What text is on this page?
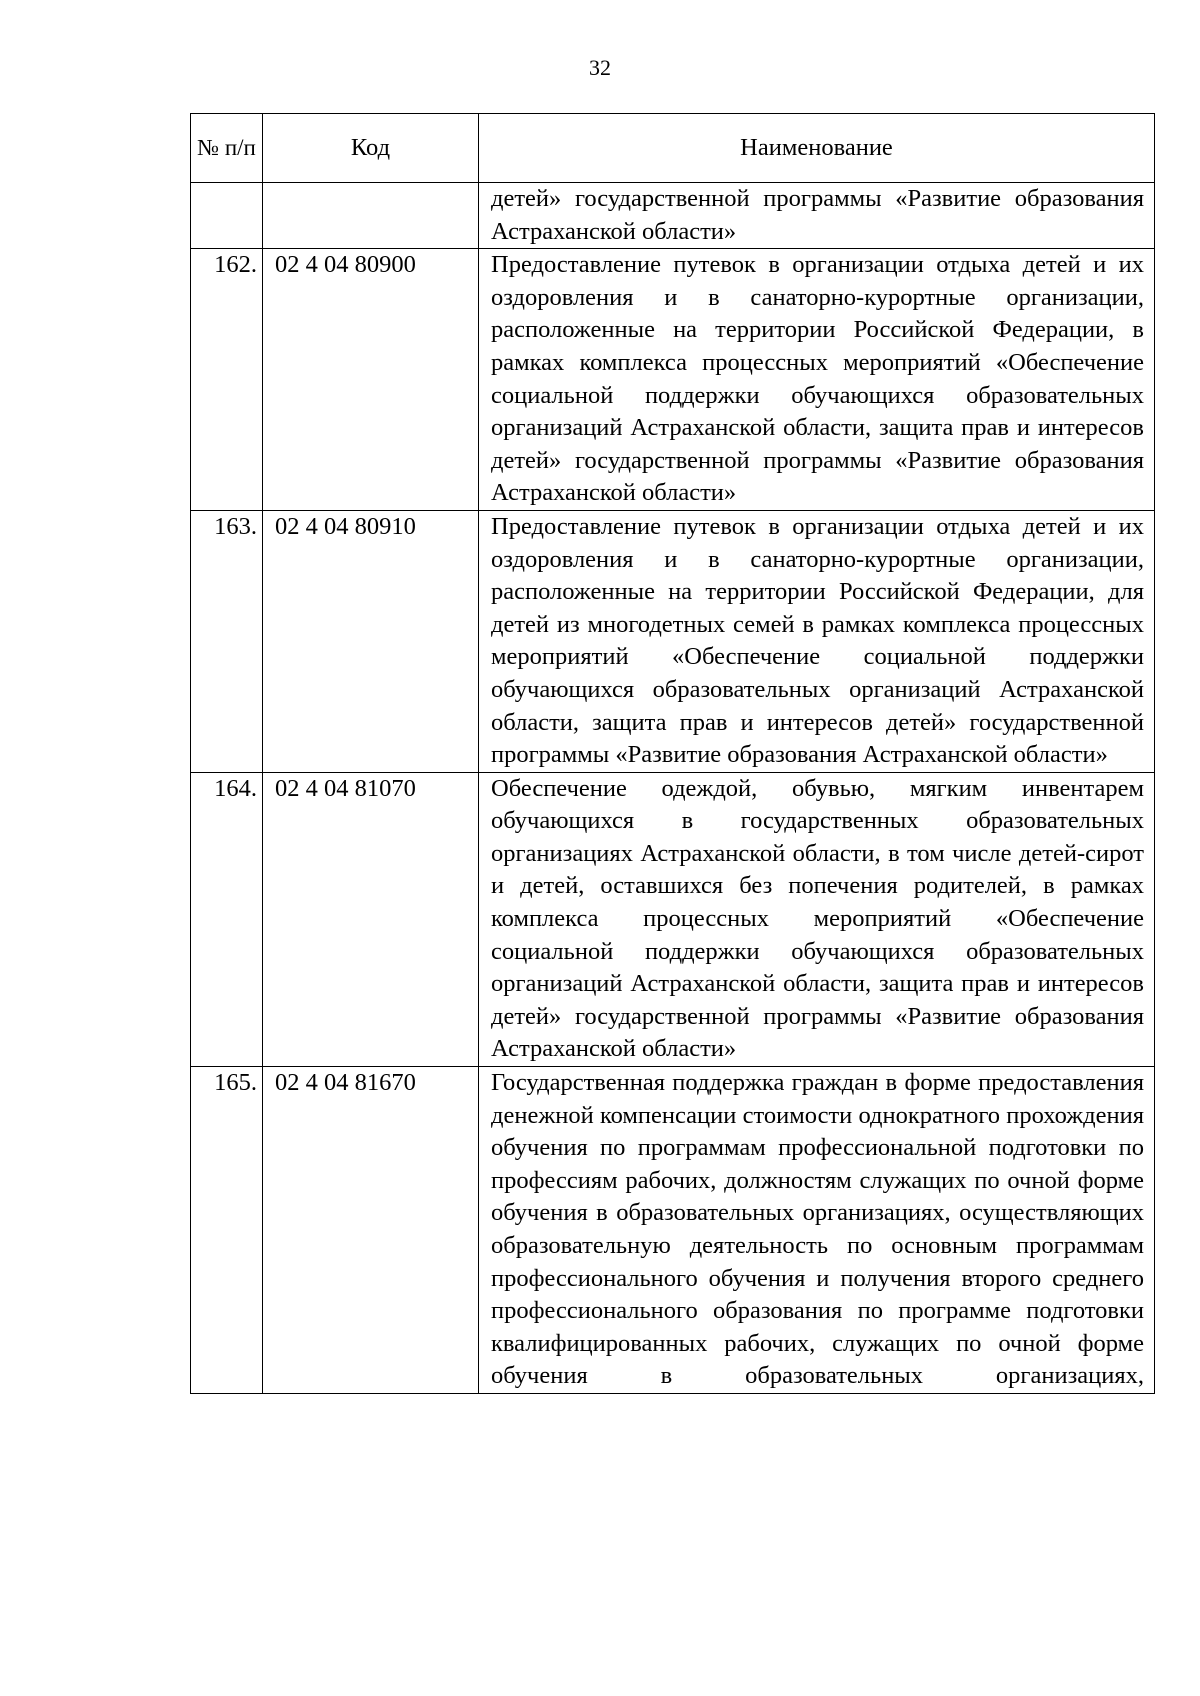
32
№ п/п	Код	Наименование
		детей» государственной программы «Развитие образования Астраханской области»
162.	02 4 04 80900	Предоставление путевок в организации отдыха детей и их оздоровления и в санаторно-курортные организации, расположенные на территории Российской Федерации, в рамках комплекса процессных мероприятий «Обеспечение социальной поддержки обучающихся образовательных организаций Астраханской области, защита прав и интересов детей» государственной программы «Развитие образования Астраханской области»
163.	02 4 04 80910	Предоставление путевок в организации отдыха детей и их оздоровления и в санаторно-курортные организации, расположенные на территории Российской Федерации, для детей из многодетных семей в рамках комплекса процессных мероприятий «Обеспечение социальной поддержки обучающихся образовательных организаций Астраханской области, защита прав и интересов детей» государственной программы «Развитие образования Астраханской области»
164.	02 4 04 81070	Обеспечение одеждой, обувью, мягким инвентарем обучающихся в государственных образовательных организациях Астраханской области, в том числе детей-сирот и детей, оставшихся без попечения родителей, в рамках комплекса процессных мероприятий «Обеспечение социальной поддержки обучающихся образовательных организаций Астраханской области, защита прав и интересов детей» государственной программы «Развитие образования Астраханской области»
165.	02 4 04 81670	Государственная поддержка граждан в форме предоставления денежной компенсации стоимости однократного прохождения обучения по программам профессиональной подготовки по профессиям рабочих, должностям служащих по очной форме обучения в образовательных организациях, осуществляющих образовательную деятельность по основным программам профессионального обучения и получения второго среднего профессионального образования по программе подготовки квалифицированных рабочих, служащих по очной форме обучения в образовательных организациях,
